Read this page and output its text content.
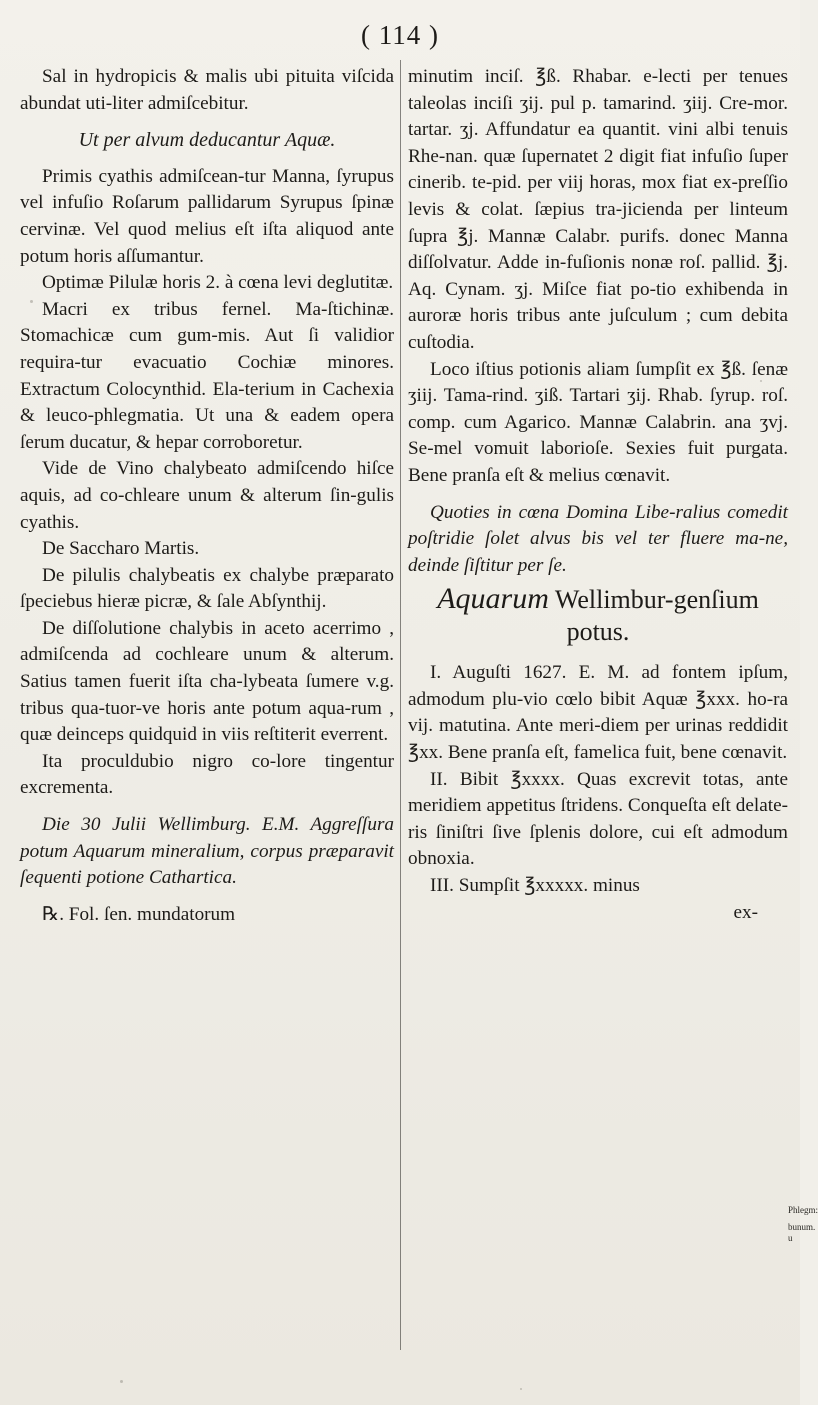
( 114 )

Sal in hydropicis & malis ubi pituita viſcida abundat uti-liter admiſcebitur.

Ut per alvum deducantur Aquæ.

Primis cyathis admiſcean-tur Manna, ſyrupus vel infuſio Roſarum pallidarum Syrupus ſpinæ cervinæ. Vel quod melius eſt iſta aliquod ante potum horis aſſumantur.

Optimæ Pilulæ horis 2. à cœna levi deglutitæ.

Macri ex tribus fernel. Ma-ſtichinæ. Stomachicæ cum gum-mis. Aut ſi validior requira-tur evacuatio Cochiæ minores. Extractum Colocynthid. Ela-terium in Cachexia & leuco-phlegmatia. Ut una & eadem opera ſerum ducatur, & hepar corroboretur.

Vide de Vino chalybeato admiſcendo hiſce aquis, ad co-chleare unum & alterum ſin-gulis cyathis.

De Saccharo Martis.

De pilulis chalybeatis ex chalybe præparato ſpeciebus hieræ picræ, & ſale Abſynthij.

De diſſolutione chalybis in aceto acerrimo , admiſcenda ad cochleare unum & alterum. Satius tamen fuerit iſta cha-lybeata ſumere v.g. tribus qua-tuor-ve horis ante potum aqua-rum , quæ deinceps quidquid in viis reſtiterit everrent.

Ita proculdubio nigro co-lore tingentur excrementa.

Die 30 Julii Wellimburg. E.M. Aggreſſura potum Aquarum mineralium, corpus præparavit ſequenti potione Cathartica.

℞. Fol. ſen. mundatorum

minutim inciſ. ℥ß. Rhabar. e-lecti per tenues taleolas inciſi ʒij. pul p. tamarind. ʒiij. Cre-mor. tartar. ʒj. Affundatur ea quantit. vini albi tenuis Rhe-nan. quæ ſupernatet 2 digit fiat infuſio ſuper cinerib. te-pid. per viij horas, mox fiat ex-preſſio levis & colat. ſæpius tra-jicienda per linteum ſupra ℥j. Mannæ Calabr. purifs. donec Manna diſſolvatur. Adde in-fuſionis nonæ roſ. pallid. ℥j. Aq. Cynam. ʒj. Miſce fiat po-tio exhibenda in auroræ horis tribus ante juſculum ; cum debita cuſtodia.

Loco iſtius potionis aliam ſumpſit ex ℥ß. ſenæ ʒiij. Tama-rind. ʒiß. Tartari ʒij. Rhab. ſyrup. roſ. comp. cum Agarico. Mannæ Calabrin. ana ʒvj. Se-mel vomuit laborioſe. Sexies fuit purgata. Bene pranſa eſt & melius cœnavit.

Quoties in cœna Domina Libe-ralius comedit poſtridie ſolet alvus bis vel ter fluere ma-ne, deinde ſiſtitur per ſe.

Aquarum Wellimbur-genſium potus.

I. Auguſti 1627. E. M. ad fontem ipſum, admodum plu-vio cœlo bibit Aquæ ℥xxx. ho-ra vij. matutina. Ante meri-diem per urinas reddidit ℥xx. Bene pranſa eſt, famelica fuit, bene cœnavit.

II. Bibit ℥xxxx. Quas excrevit totas, ante meridiem appetitus ſtridens. Conqueſta eſt delate-ris ſiniſtri ſive ſplenis dolore, cui eſt admodum obnoxia.

III. Sumpſit ℥xxxxx. minus

ex-

Phlegm:
bunum. u
